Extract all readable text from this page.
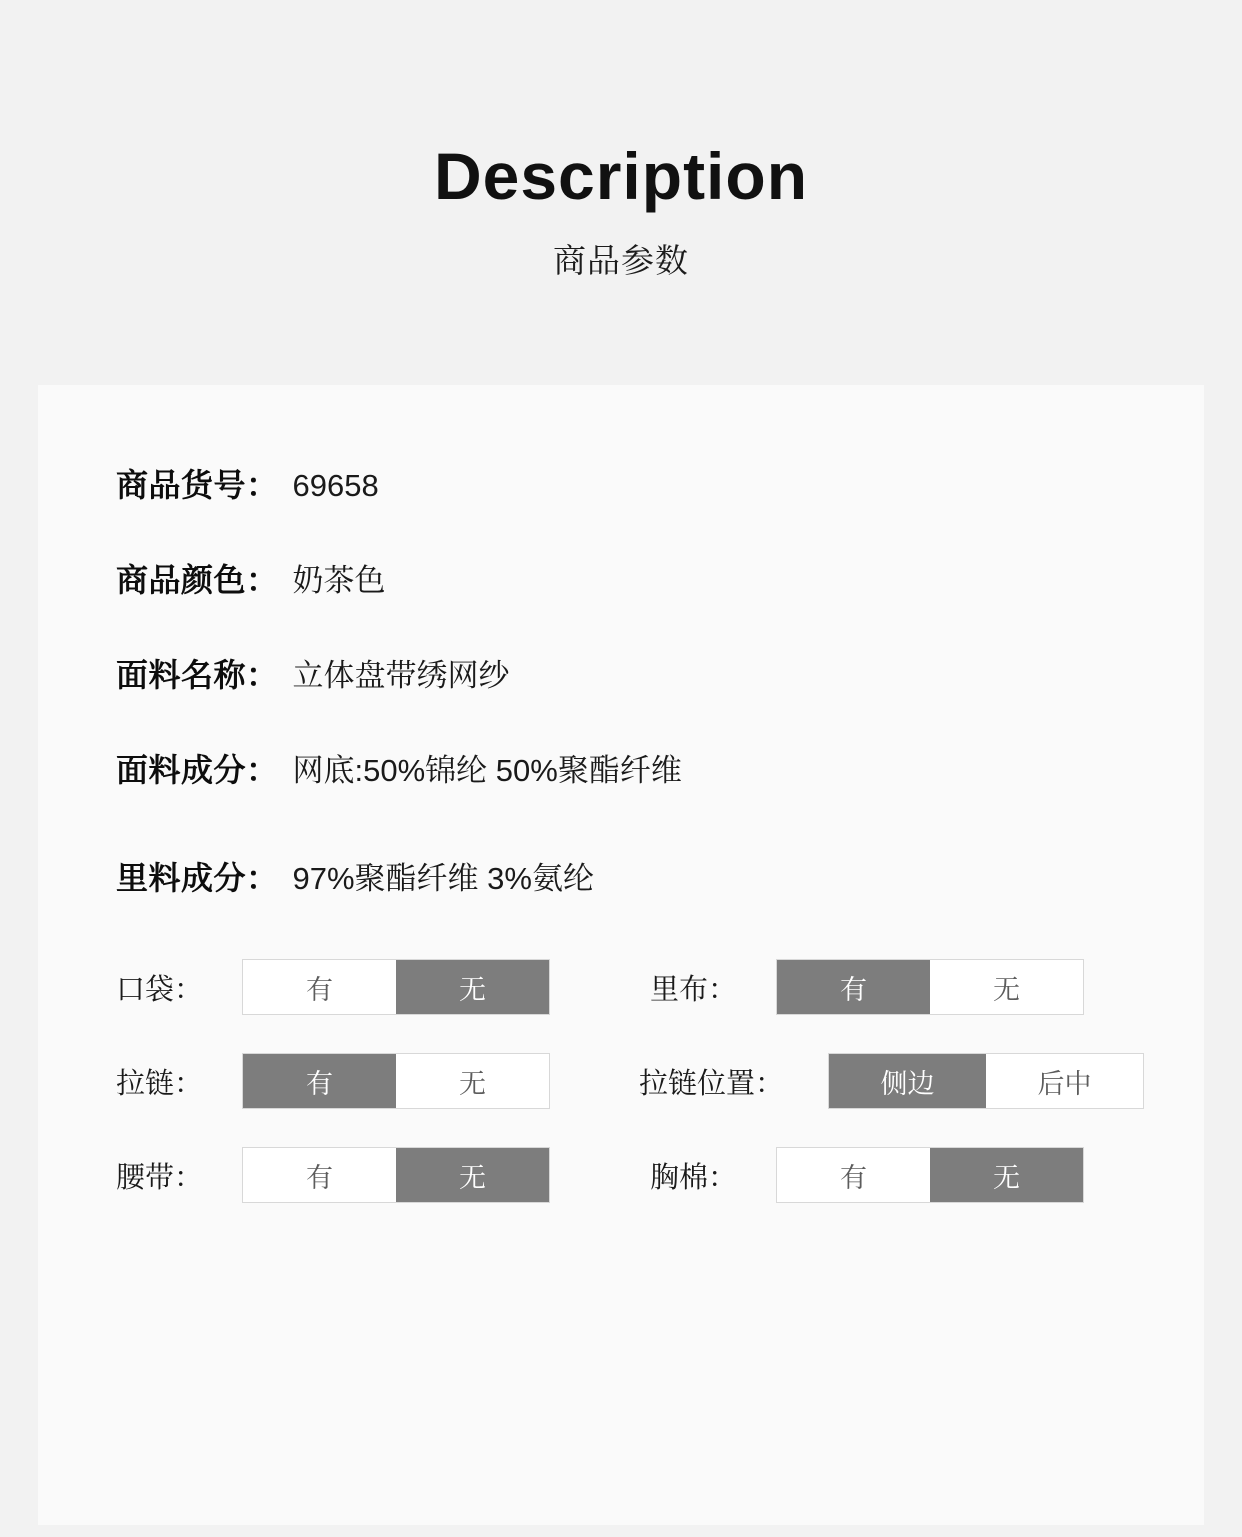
Description
商品参数
商品货号： 69658
商品颜色： 奶茶色
面料名称： 立体盘带绣网纱
面料成分： 网底:50%锦纶 50%聚酯纤维
里料成分： 97%聚酯纤维 3%氨纶
口袋：	有	无	里布：	有	无
拉链：	有	无	拉链位置：	侧边	后中
腰带：	有	无	胸棉：	有	无
